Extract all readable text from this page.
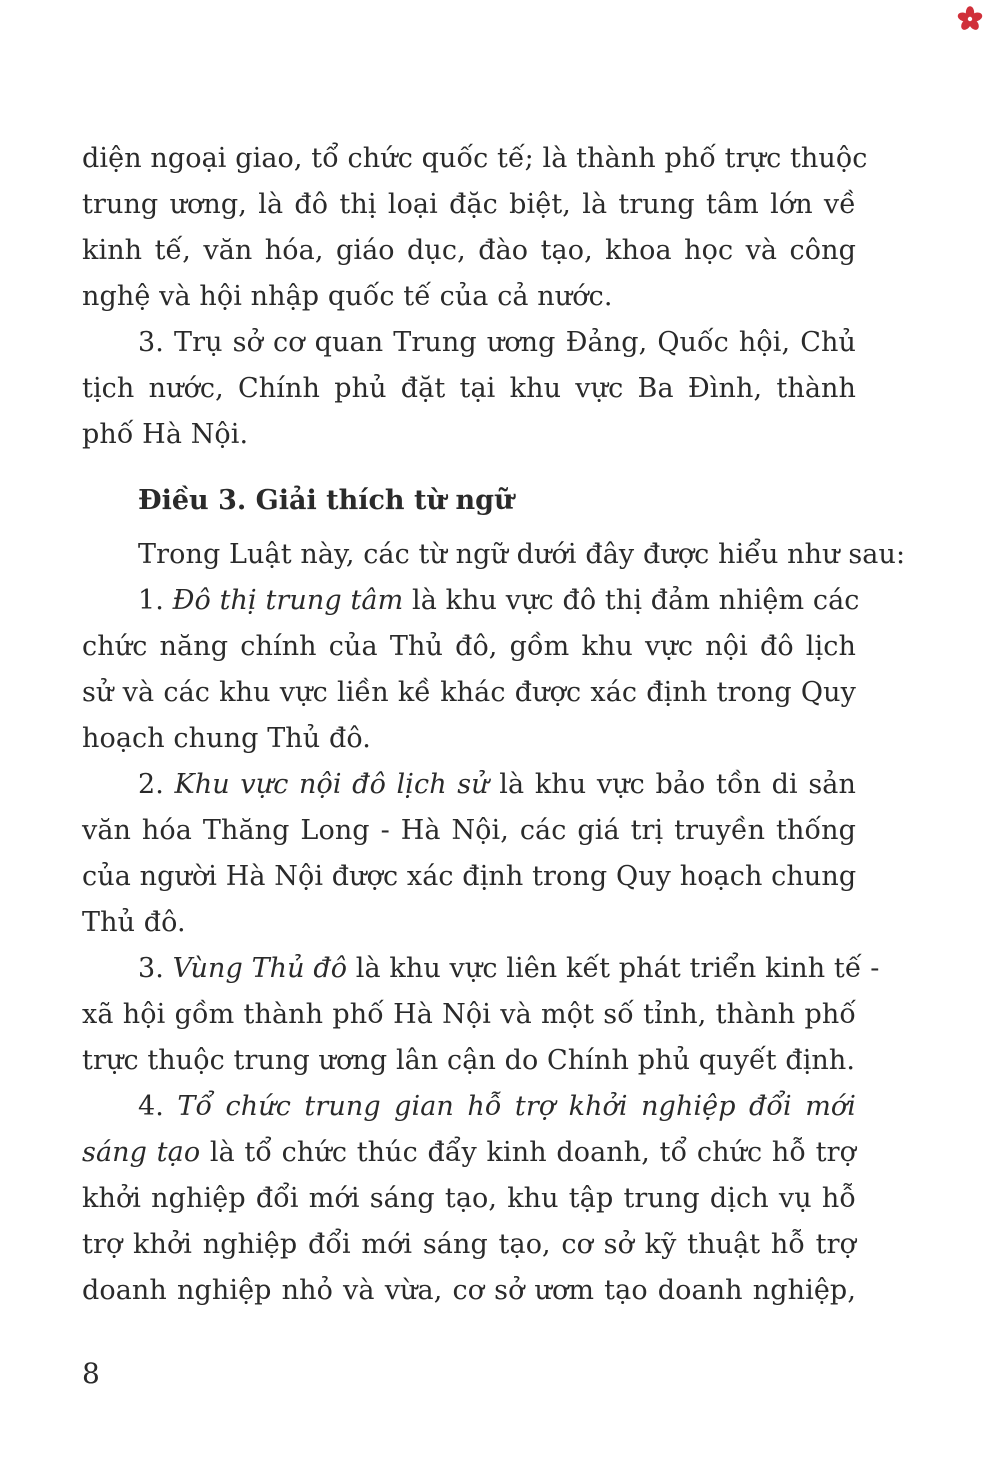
diện ngoại giao, tổ chức quốc tế; là thành phố trực thuộc
trung ương, là đô thị loại đặc biệt, là trung tâm lớn về
kinh tế, văn hóa, giáo dục, đào tạo, khoa học và công
nghệ và hội nhập quốc tế của cả nước.
3. Trụ sở cơ quan Trung ương Đảng, Quốc hội, Chủ
tịch nước, Chính phủ đặt tại khu vực Ba Đình, thành
phố Hà Nội.
Điều 3. Giải thích từ ngữ
Trong Luật này, các từ ngữ dưới đây được hiểu như sau:
1. Đô thị trung tâm là khu vực đô thị đảm nhiệm các
chức năng chính của Thủ đô, gồm khu vực nội đô lịch
sử và các khu vực liền kề khác được xác định trong Quy
hoạch chung Thủ đô.
2. Khu vực nội đô lịch sử là khu vực bảo tồn di sản
văn hóa Thăng Long - Hà Nội, các giá trị truyền thống
của người Hà Nội được xác định trong Quy hoạch chung
Thủ đô.
3. Vùng Thủ đô là khu vực liên kết phát triển kinh tế -
xã hội gồm thành phố Hà Nội và một số tỉnh, thành phố
trực thuộc trung ương lân cận do Chính phủ quyết định.
4. Tổ chức trung gian hỗ trợ khởi nghiệp đổi mới
sáng tạo là tổ chức thúc đẩy kinh doanh, tổ chức hỗ trợ
khởi nghiệp đổi mới sáng tạo, khu tập trung dịch vụ hỗ
trợ khởi nghiệp đổi mới sáng tạo, cơ sở kỹ thuật hỗ trợ
doanh nghiệp nhỏ và vừa, cơ sở ươm tạo doanh nghiệp,
8
